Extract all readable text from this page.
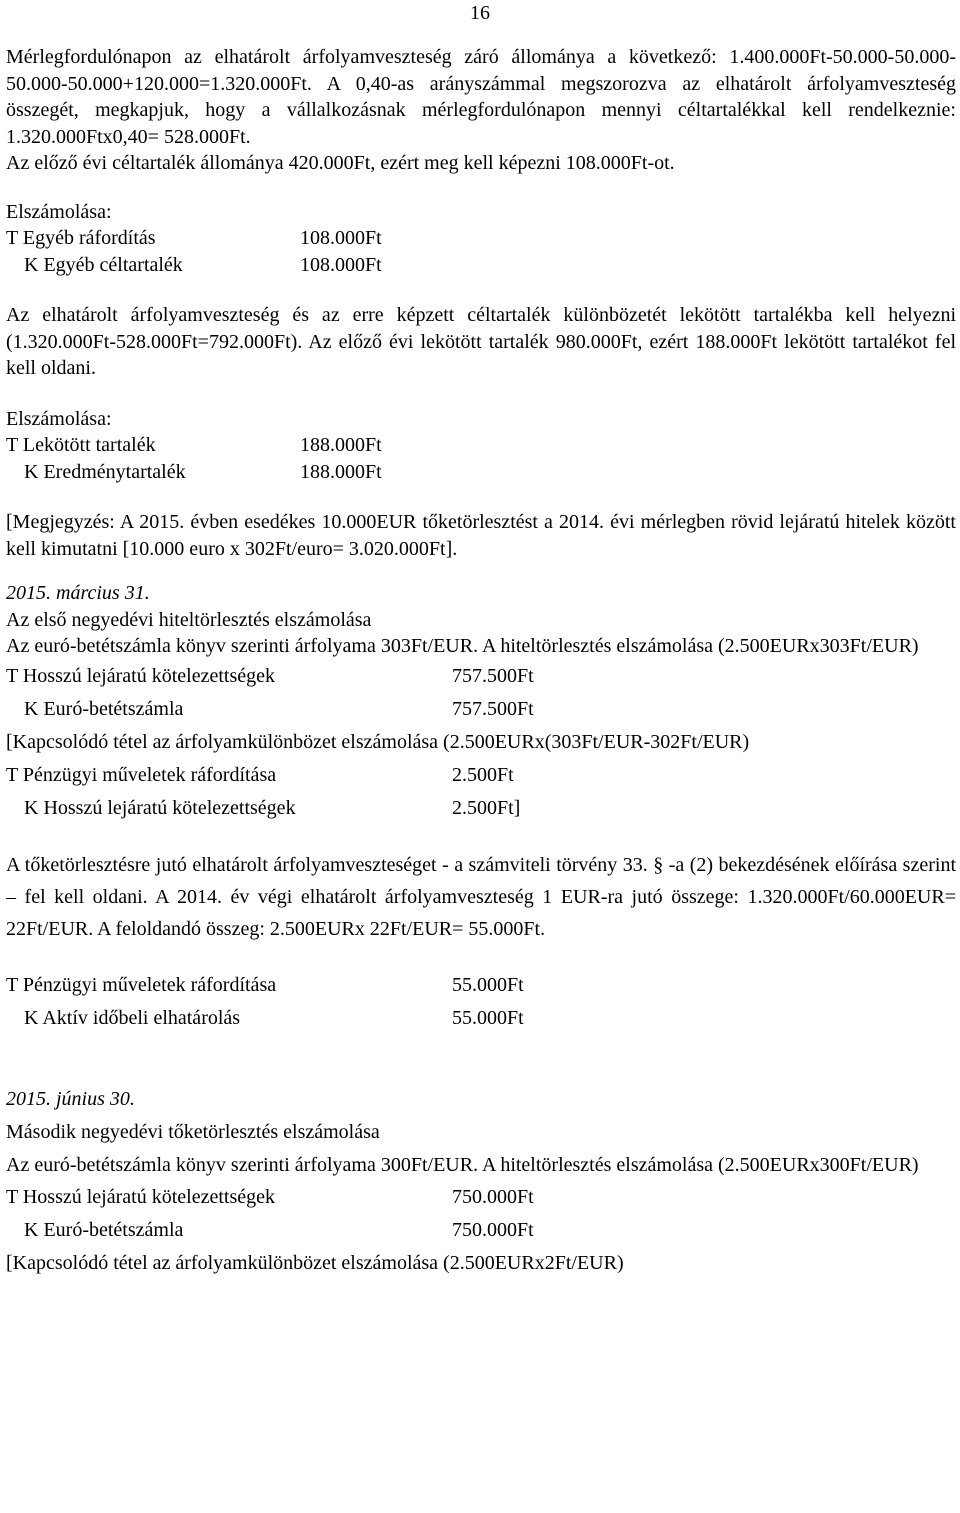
16

Mérlegfordulónapon az elhatárolt árfolyamveszteség záró állománya a következő: 1.400.000Ft-50.000-50.000-50.000-50.000+120.000=1.320.000Ft. A 0,40-as arányszámmal megszorozva az elhatárolt árfolyamveszteség összegét, megkapjuk, hogy a vállalkozásnak mérlegfordulónapon mennyi céltartalékkal kell rendelkeznie: 1.320.000Ftx0,40= 528.000Ft.

Az előző évi céltartalék állománya 420.000Ft, ezért meg kell képezni 108.000Ft-ot.
Elszámolása:
T Egyéb ráfordítás	108.000Ft
K Egyéb céltartalék	108.000Ft

Az elhatárolt árfolyamveszteség és az erre képzett céltartalék különbözetét lekötött tartalékba kell helyezni (1.320.000Ft-528.000Ft=792.000Ft). Az előző évi lekötött tartalék 980.000Ft, ezért 188.000Ft lekötött tartalékot fel kell oldani.

Elszámolása:
T Lekötött tartalék	188.000Ft
K Eredménytartalék	188.000Ft

[Megjegyzés: A 2015. évben esedékes 10.000EUR tőketörlesztést a 2014. évi mérlegben rövid lejáratú hitelek között kell kimutatni [10.000 euro x 302Ft/euro= 3.020.000Ft].

2015. március 31.
Az első negyedévi hiteltörlesztés elszámolása

Az euró-betétszámla könyv szerinti árfolyama 303Ft/EUR. A hiteltörlesztés elszámolása (2.500EURx303Ft/EUR)

T Hosszú lejáratú kötelezettségek	757.500Ft
K Euró-betétszámla	757.500Ft
[Kapcsolódó tétel az árfolyamkülönbözet elszámolása (2.500EURx(303Ft/EUR-302Ft/EUR)
T Pénzügyi műveletek ráfordítása	2.500Ft
K Hosszú lejáratú kötelezettségek	2.500Ft]

A tőketörlesztésre jutó elhatárolt árfolyamveszteséget - a számviteli törvény 33. § -a (2) bekezdésének előírása szerint – fel kell oldani. A 2014. év végi elhatárolt árfolyamveszteség 1 EUR-ra jutó összege: 1.320.000Ft/60.000EUR= 22Ft/EUR. A feloldandó összeg: 2.500EURx 22Ft/EUR= 55.000Ft.

T Pénzügyi műveletek ráfordítása	55.000Ft
K Aktív időbeli elhatárolás	55.000Ft
2015. június 30.
Második negyedévi tőketörlesztés elszámolása

Az euró-betétszámla könyv szerinti árfolyama 300Ft/EUR. A hiteltörlesztés elszámolása (2.500EURx300Ft/EUR)

T Hosszú lejáratú kötelezettségek	750.000Ft
K Euró-betétszámla	750.000Ft
[Kapcsolódó tétel az árfolyamkülönbözet elszámolása (2.500EURx2Ft/EUR)
